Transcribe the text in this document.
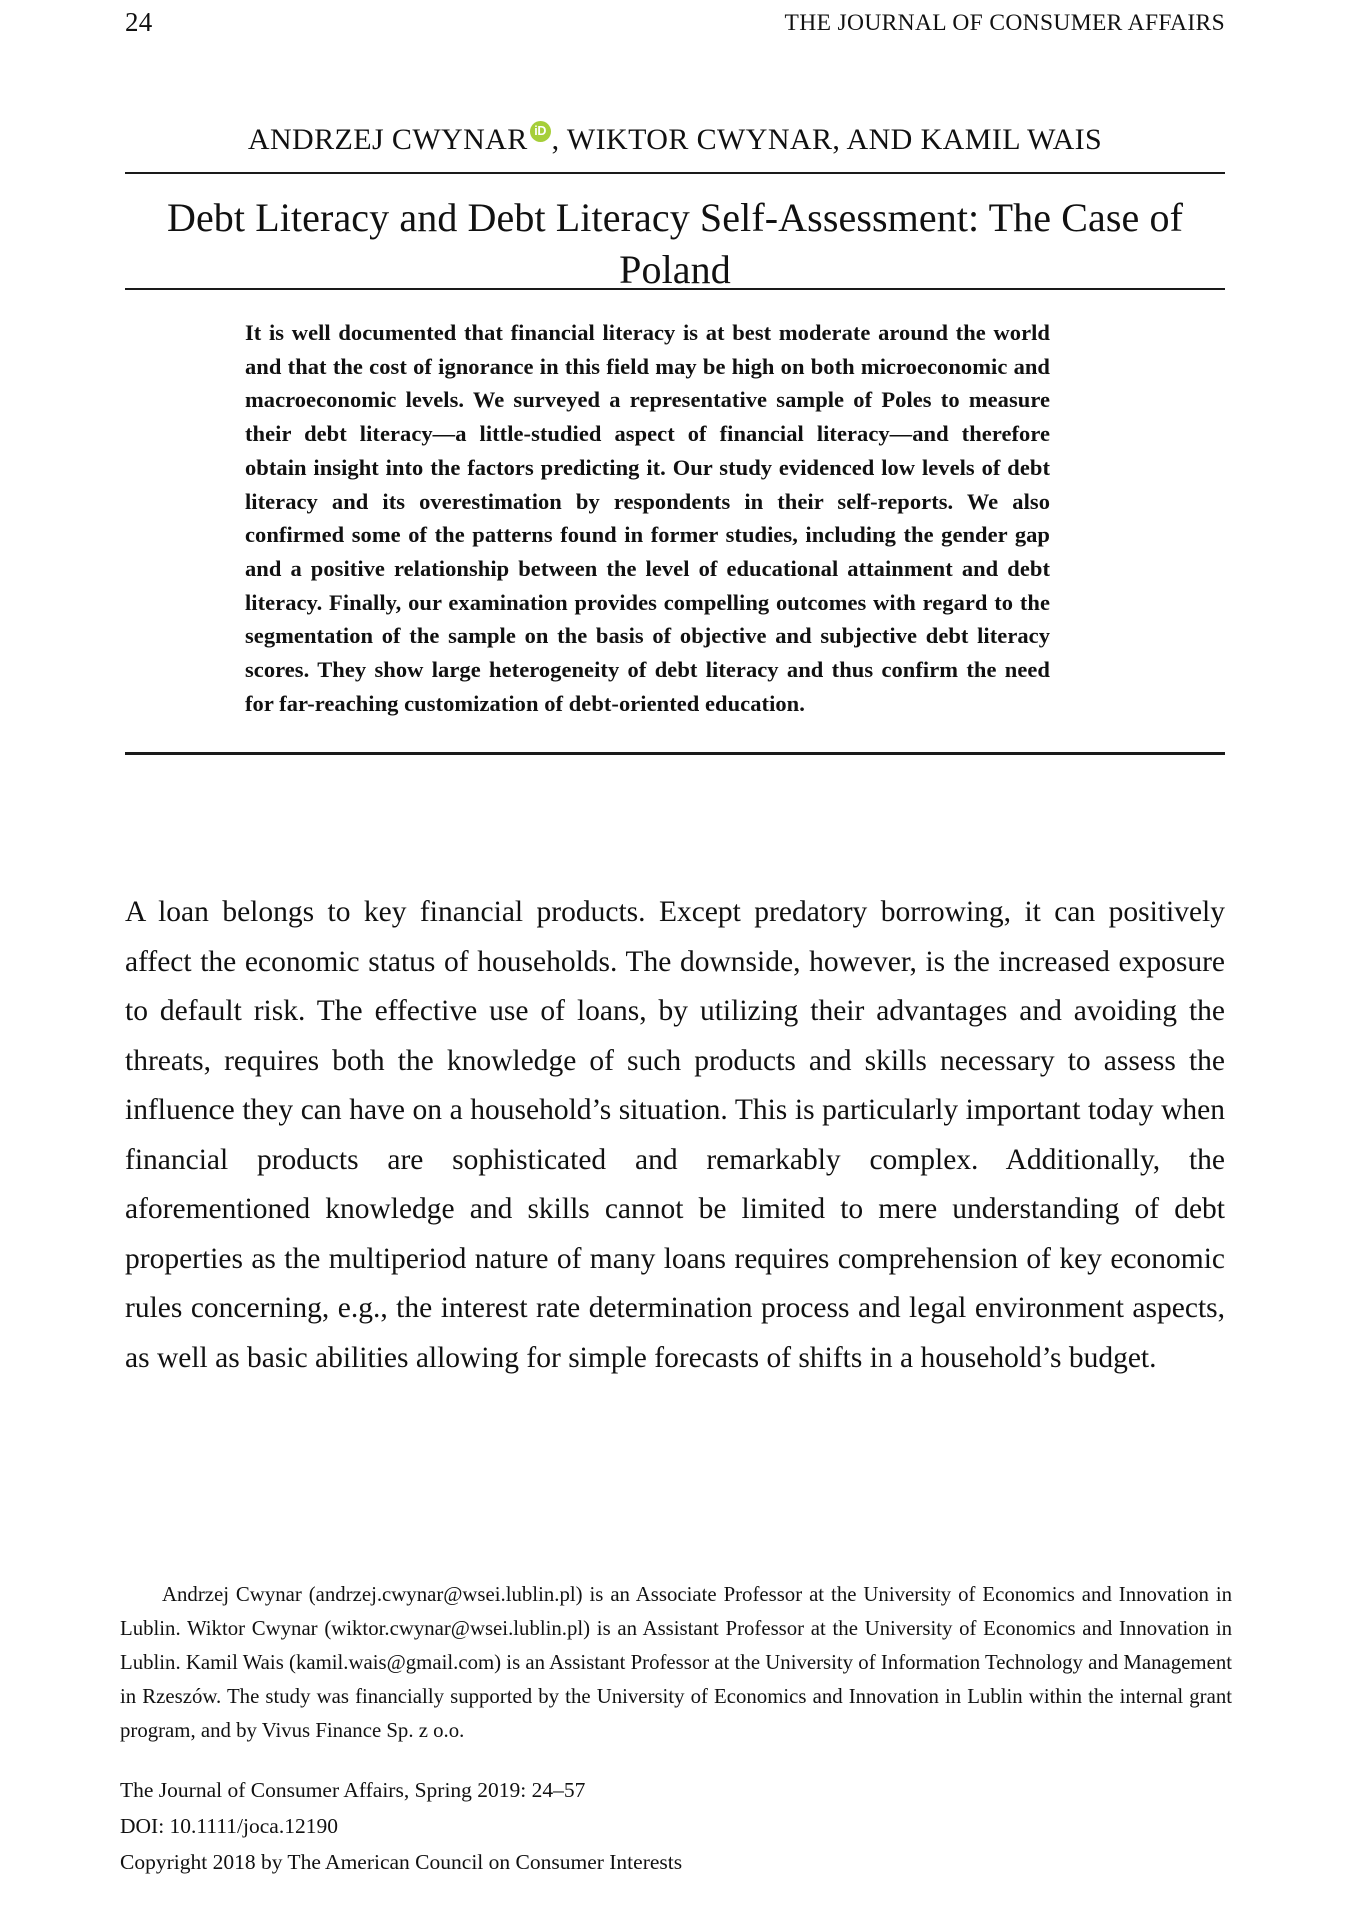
24	THE JOURNAL OF CONSUMER AFFAIRS
ANDRZEJ CWYNAR iD , WIKTOR CWYNAR, AND KAMIL WAIS
Debt Literacy and Debt Literacy Self-Assessment: The Case of Poland

It is well documented that financial literacy is at best moderate around the world and that the cost of ignorance in this field may be high on both microeconomic and macroeconomic levels. We surveyed a representative sample of Poles to measure their debt literacy—a little-studied aspect of financial literacy—and therefore obtain insight into the factors predicting it. Our study evidenced low levels of debt literacy and its overestimation by respondents in their self-reports. We also confirmed some of the patterns found in former studies, including the gender gap and a positive relationship between the level of educational attainment and debt literacy. Finally, our examination provides compelling outcomes with regard to the segmentation of the sample on the basis of objective and subjective debt literacy scores. They show large heterogeneity of debt literacy and thus confirm the need for far-reaching customization of debt-oriented education.

A loan belongs to key financial products. Except predatory borrowing, it can positively affect the economic status of households. The downside, however, is the increased exposure to default risk. The effective use of loans, by utilizing their advantages and avoiding the threats, requires both the knowledge of such products and skills necessary to assess the influence they can have on a household’s situation. This is particularly important today when financial products are sophisticated and remarkably complex. Additionally, the aforementioned knowledge and skills cannot be limited to mere understanding of debt properties as the multiperiod nature of many loans requires comprehension of key economic rules concerning, e.g., the interest rate determination process and legal environment aspects, as well as basic abilities allowing for simple forecasts of shifts in a household’s budget.

Andrzej Cwynar (andrzej.cwynar@wsei.lublin.pl) is an Associate Professor at the University of Economics and Innovation in Lublin. Wiktor Cwynar (wiktor.cwynar@wsei.lublin.pl) is an Assistant Professor at the University of Economics and Innovation in Lublin. Kamil Wais (kamil.wais@gmail.com) is an Assistant Professor at the University of Information Technology and Management in Rzeszów. The study was financially supported by the University of Economics and Innovation in Lublin within the internal grant program, and by Vivus Finance Sp. z o.o.

The Journal of Consumer Affairs, Spring 2019: 24–57

DOI: 10.1111/joca.12190

Copyright 2018 by The American Council on Consumer Interests
